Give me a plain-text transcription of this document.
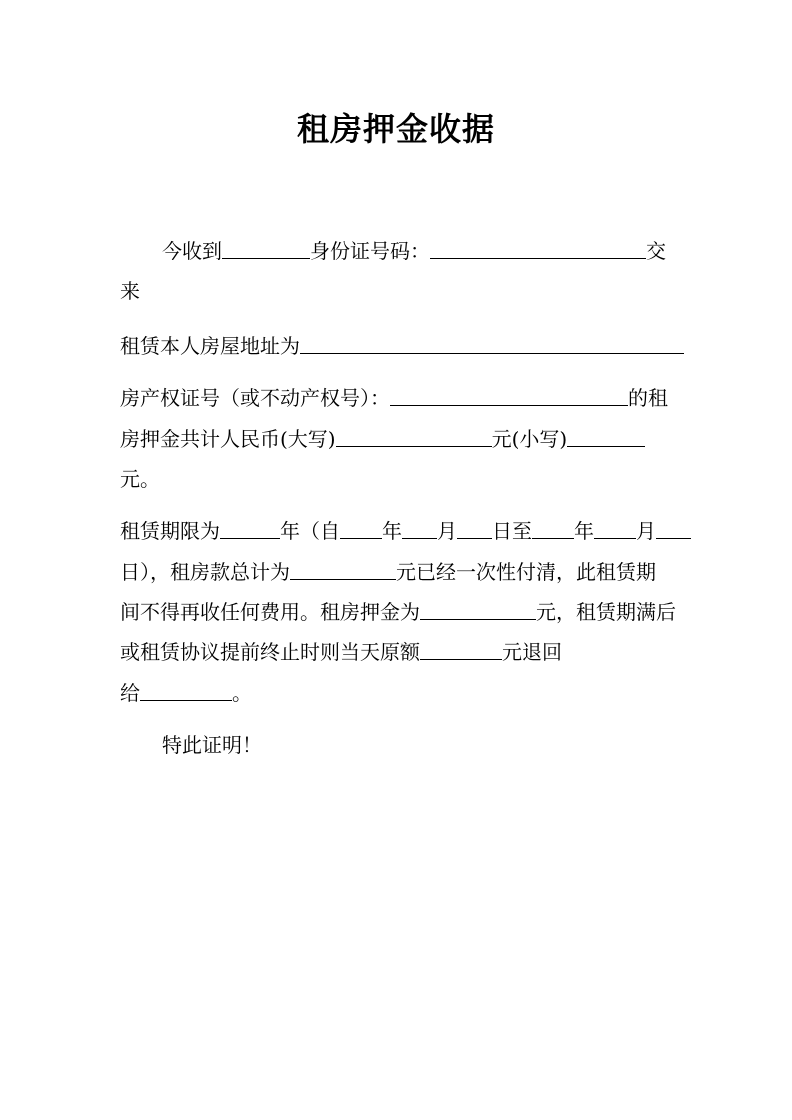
租房押金收据
今收到	身份证号码：	交
来
租赁本人房屋地址为
房产权证号（或不动产权号）：	的租
房押金共计人民币(大写)	元(小写)
元。
租赁期限为	年（自 年 月 日至 年 月
日），租房款总计为	元已经一次性付清，此租赁期
间不得再收任何费用。租房押金为	元，租赁期满后
或租赁协议提前终止时则当天原额	元退回
给	。
特此证明！
